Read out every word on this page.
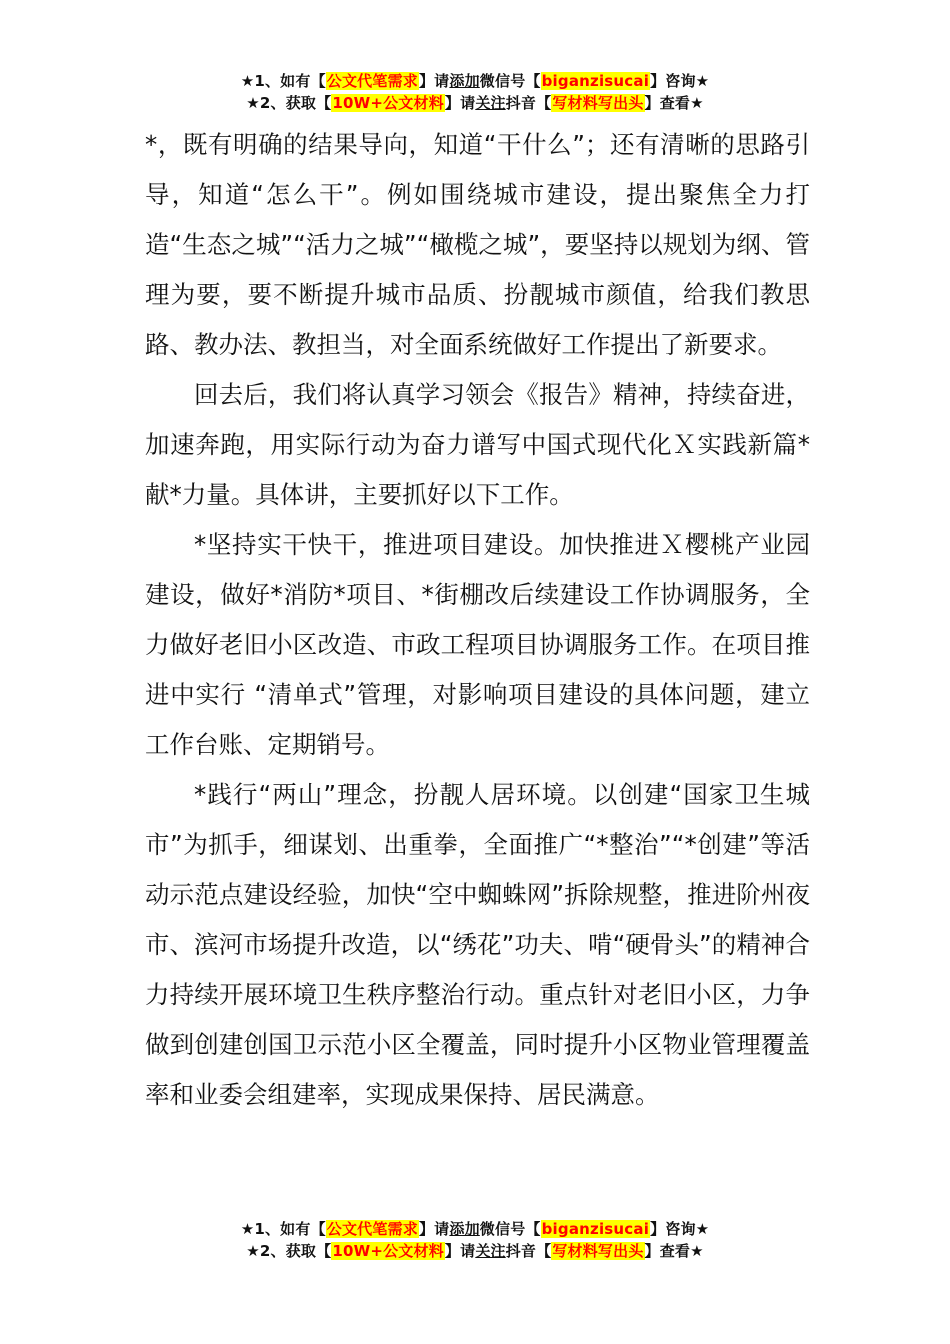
★1、如有【公文代笔需求】请添加微信号【biganzisucai】咨询★
★2、获取【10W+公文材料】请关注抖音【写材料写出头】查看★

*，既有明确的结果导向，知道“干什么”；还有清晰的思路引导，知道“怎么干”。例如围绕城市建设，提出聚焦全力打造“生态之城”“活力之城”“橄榄之城”，要坚持以规划为纲、管理为要，要不断提升城市品质、扮靓城市颜值，给我们教思路、教办法、教担当，对全面系统做好工作提出了新要求。

回去后，我们将认真学习领会《报告》精神，持续奋进，加速奔跑，用实际行动为奋力谱写中国式现代化Ｘ实践新篇*献*力量。具体讲，主要抓好以下工作。

*坚持实干快干，推进项目建设。加快推进Ｘ樱桃产业园建设，做好*消防*项目、*街棚改后续建设工作协调服务，全力做好老旧小区改造、市政工程项目协调服务工作。在项目推进中实行 “清单式”管理，对影响项目建设的具体问题，建立工作台账、定期销号。

*践行“两山”理念，扮靓人居环境。以创建“国家卫生城市”为抓手，细谋划、出重拳，全面推广“*整治”“*创建”等活动示范点建设经验，加快“空中蜘蛛网”拆除规整，推进阶州夜市、滨河市场提升改造，以“绣花”功夫、啃“硬骨头”的精神合力持续开展环境卫生秩序整治行动。重点针对老旧小区，力争做到创建创国卫示范小区全覆盖，同时提升小区物业管理覆盖率和业委会组建率，实现成果保持、居民满意。

★1、如有【公文代笔需求】请添加微信号【biganzisucai】咨询★
★2、获取【10W+公文材料】请关注抖音【写材料写出头】查看★
